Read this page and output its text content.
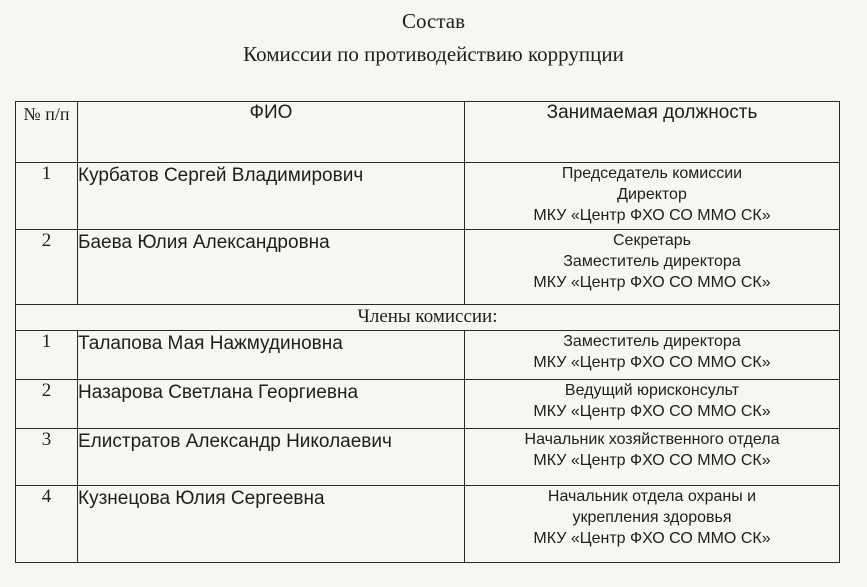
Состав
Комиссии по противодействию коррупции
№ п/п	ФИО	Занимаемая должность
1	Курбатов Сергей Владимирович	Председатель комиссии
Директор
МКУ «Центр ФХО СО ММО СК»

2	Баева Юлия Александровна	Секретарь
Заместитель директора
МКУ «Центр ФХО СО ММО СК»

Члены комиссии:		
1	Талапова Мая Нажмудиновна	Заместитель директора
МКУ «Центр ФХО СО ММО СК»

2	Назарова Светлана Георгиевна	Ведущий юрисконсульт
МКУ «Центр ФХО СО ММО СК»

3	Елистратов Александр Николаевич	Начальник хозяйственного отдела
МКУ «Центр ФХО СО ММО СК»

4	Кузнецова Юлия Сергеевна	Начальник отдела охраны и
укрепления здоровья
МКУ «Центр ФХО СО ММО СК»
